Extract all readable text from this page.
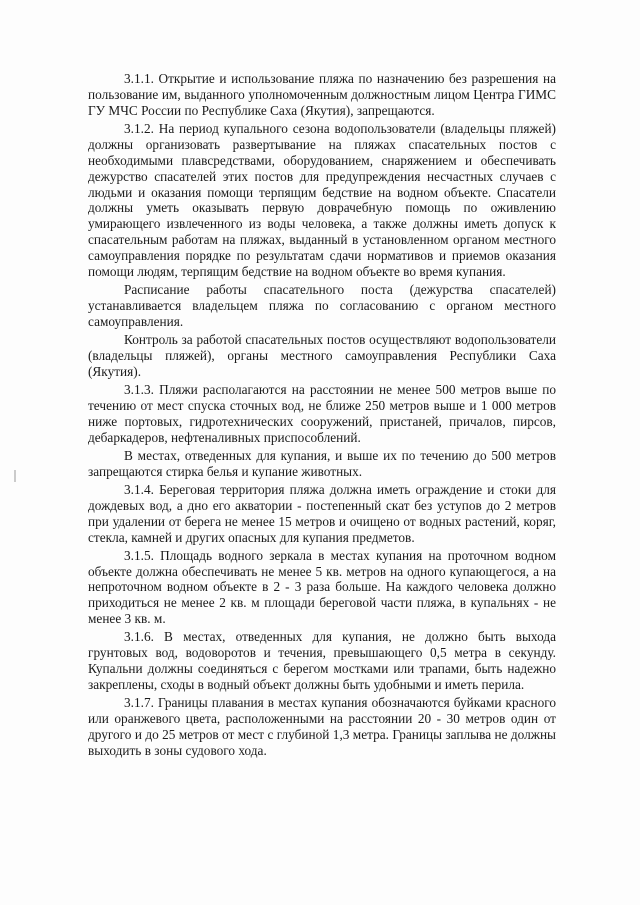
3.1.1. Открытие и использование пляжа по назначению без разрешения на пользование им, выданного уполномоченным должностным лицом Центра ГИМС ГУ МЧС России по Республике Саха (Якутия), запрещаются.

3.1.2. На период купального сезона водопользователи (владельцы пляжей) должны организовать развертывание на пляжах спасательных постов с необходимыми плавсредствами, оборудованием, снаряжением и обеспечивать дежурство спасателей этих постов для предупреждения несчастных случаев с людьми и оказания помощи терпящим бедствие на водном объекте. Спасатели должны уметь оказывать первую доврачебную помощь по оживлению умирающего извлеченного из воды человека, а также должны иметь допуск к спасательным работам на пляжах, выданный в установленном органом местного самоуправления порядке по результатам сдачи нормативов и приемов оказания помощи людям, терпящим бедствие на водном объекте во время купания.

Расписание работы спасательного поста (дежурства спасателей) устанавливается владельцем пляжа по согласованию с органом местного самоуправления.

Контроль за работой спасательных постов осуществляют водопользователи (владельцы пляжей), органы местного самоуправления Республики Саха (Якутия).

3.1.3. Пляжи располагаются на расстоянии не менее 500 метров выше по течению от мест спуска сточных вод, не ближе 250 метров выше и 1 000 метров ниже портовых, гидротехнических сооружений, пристаней, причалов, пирсов, дебаркадеров, нефтеналивных приспособлений.

В местах, отведенных для купания, и выше их по течению до 500 метров запрещаются стирка белья и купание животных.

3.1.4. Береговая территория пляжа должна иметь ограждение и стоки для дождевых вод, а дно его акватории - постепенный скат без уступов до 2 метров при удалении от берега не менее 15 метров и очищено от водных растений, коряг, стекла, камней и других опасных для купания предметов.

3.1.5. Площадь водного зеркала в местах купания на проточном водном объекте должна обеспечивать не менее 5 кв. метров на одного купающегося, а на непроточном водном объекте в 2 - 3 раза больше. На каждого человека должно приходиться не менее 2 кв. м площади береговой части пляжа, в купальнях - не менее 3 кв. м.

3.1.6. В местах, отведенных для купания, не должно быть выхода грунтовых вод, водоворотов и течения, превышающего 0,5 метра в секунду. Купальни должны соединяться с берегом мостками или трапами, быть надежно закреплены, сходы в водный объект должны быть удобными и иметь перила.

3.1.7. Границы плавания в местах купания обозначаются буйками красного или оранжевого цвета, расположенными на расстоянии 20 - 30 метров один от другого и до 25 метров от мест с глубиной 1,3 метра. Границы заплыва не должны выходить в зоны судового хода.
